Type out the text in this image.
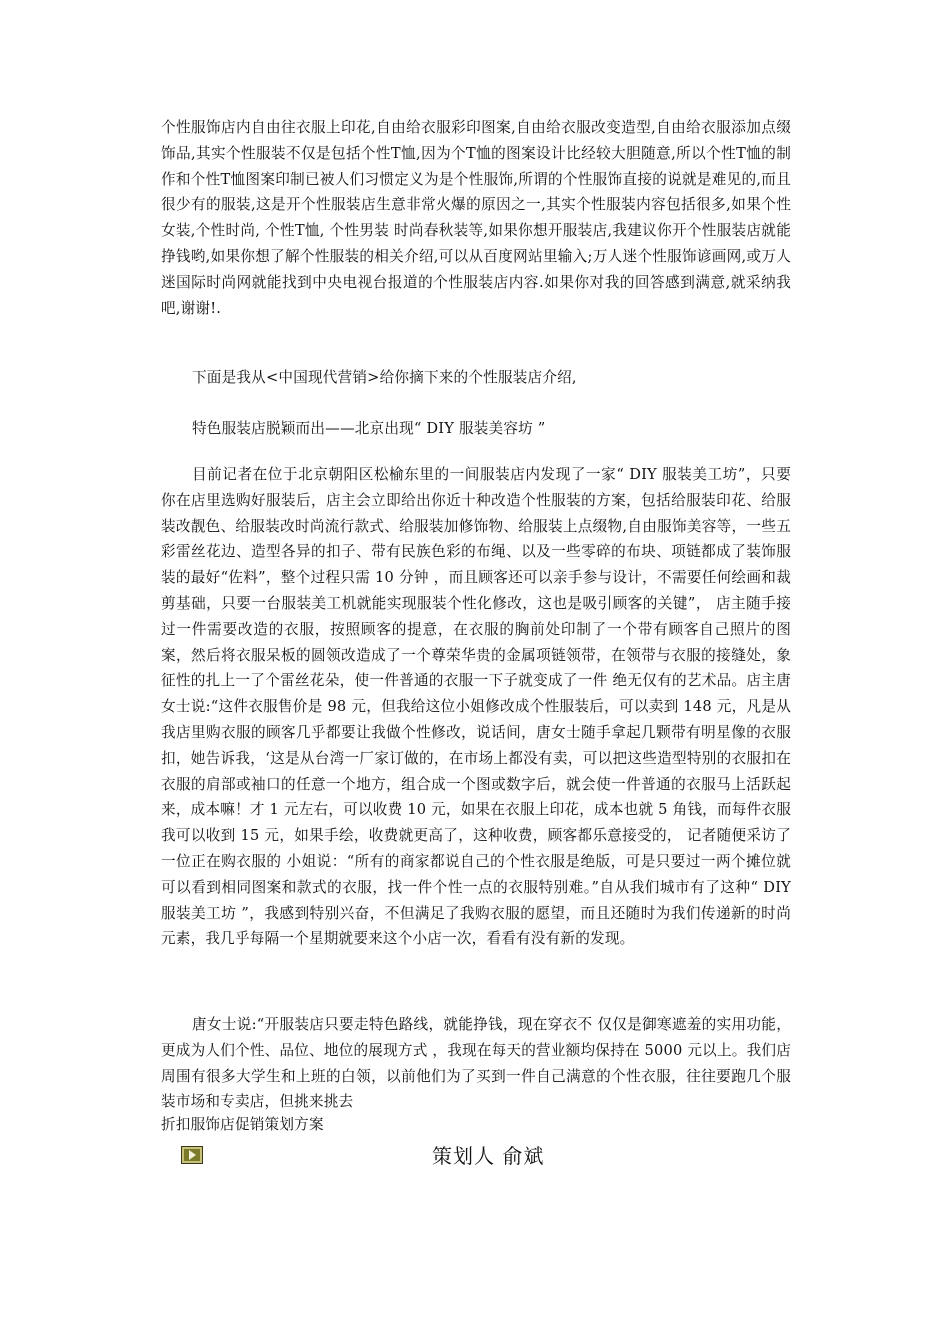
个性服饰店内自由往衣服上印花,自由给衣服彩印图案,自由给衣服改变造型,自由给衣服添加点缀饰品,其实个性服装不仅是包括个性T恤,因为个T恤的图案设计比经较大胆随意,所以个性T恤的制作和个性T恤图案印制已被人们习惯定义为是个性服饰,所谓的个性服饰直接的说就是难见的,而且很少有的服装,这是开个性服装店生意非常火爆的原因之一,其实个性服装内容包括很多,如果个性女装,个性时尚, 个性T恤, 个性男装 时尚春秋装等,如果你想开服装店,我建议你开个性服装店就能挣钱哟,如果你想了解个性服装的相关介绍,可以从百度网站里输入;万人迷个性服饰谚画网,或万人迷国际时尚网就能找到中央电视台报道的个性服装店内容.如果你对我的回答感到满意,就采纳我吧,谢谢!.
下面是我从<中国现代营销>给你摘下来的个性服装店介绍,
特色服装店脱颖而出——北京出现“ DIY 服装美容坊 ”
目前记者在位于北京朝阳区松榆东里的一间服装店内发现了一家“ DIY 服装美工坊”，只要你在店里选购好服装后，店主会立即给出你近十种改造个性服装的方案，包括给服装印花、给服装改靓色、给服装改时尚流行款式、给服装加修饰物、给服装上点缀物,自由服饰美容等，一些五彩雷丝花边、造型各异的扣子、带有民族色彩的布绳、以及一些零碎的布块、项链都成了装饰服装的最好“佐料”，整个过程只需 10 分钟 ，而且顾客还可以亲手参与设计，不需要任何绘画和裁剪基础，只要一台服装美工机就能实现服装个性化修改，这也是吸引顾客的关键”， 店主随手接过一件需要改造的衣服，按照顾客的提意，在衣服的胸前处印制了一个带有顾客自己照片的图案，然后将衣服呆板的圆领改造成了一个尊荣华贵的金属项链领带，在领带与衣服的接缝处，象征性的扎上一了个雷丝花朵，使一件普通的衣服一下子就变成了一件 绝无仅有的艺术品。店主唐女士说:“这件衣服售价是 98 元，但我给这位小姐修改成个性服装后，可以卖到 148 元，凡是从我店里购衣服的顾客几乎都要让我做个性修改，说话间，唐女士随手拿起几颗带有明星像的衣服扣，她告诉我，‘这是从台湾一厂家订做的，在市场上都没有卖，可以把这些造型特别的衣服扣在衣服的肩部或袖口的任意一个地方，组合成一个图或数字后，就会使一件普通的衣服马上活跃起来，成本嘛！才 1 元左右，可以收费 10 元，如果在衣服上印花，成本也就 5 角钱，而每件衣服我可以收到 15 元，如果手绘，收费就更高了，这种收费，顾客都乐意接受的， 记者随便采访了一位正在购衣服的 小姐说：“所有的商家都说自己的个性衣服是绝版，可是只要过一两个摊位就可以看到相同图案和款式的衣服，找一件个性一点的衣服特别难。”自从我们城市有了这种“ DIY 服装美工坊 ”，我感到特别兴奋，不但满足了我购衣服的愿望，而且还随时为我们传递新的时尚元素，我几乎每隔一个星期就要来这个小店一次，看看有没有新的发现。
唐女士说:“开服装店只要走特色路线，就能挣钱，现在穿衣不 仅仅是御寒遮羞的实用功能， 更成为人们个性、品位、地位的展现方式 ，我现在每天的营业额均保持在 5000 元以上。我们店周围有很多大学生和上班的白领，以前他们为了买到一件自己满意的个性衣服，往往要跑几个服装市场和专卖店，但挑来挑去
折扣服饰店促销策划方案
策划人 俞斌
